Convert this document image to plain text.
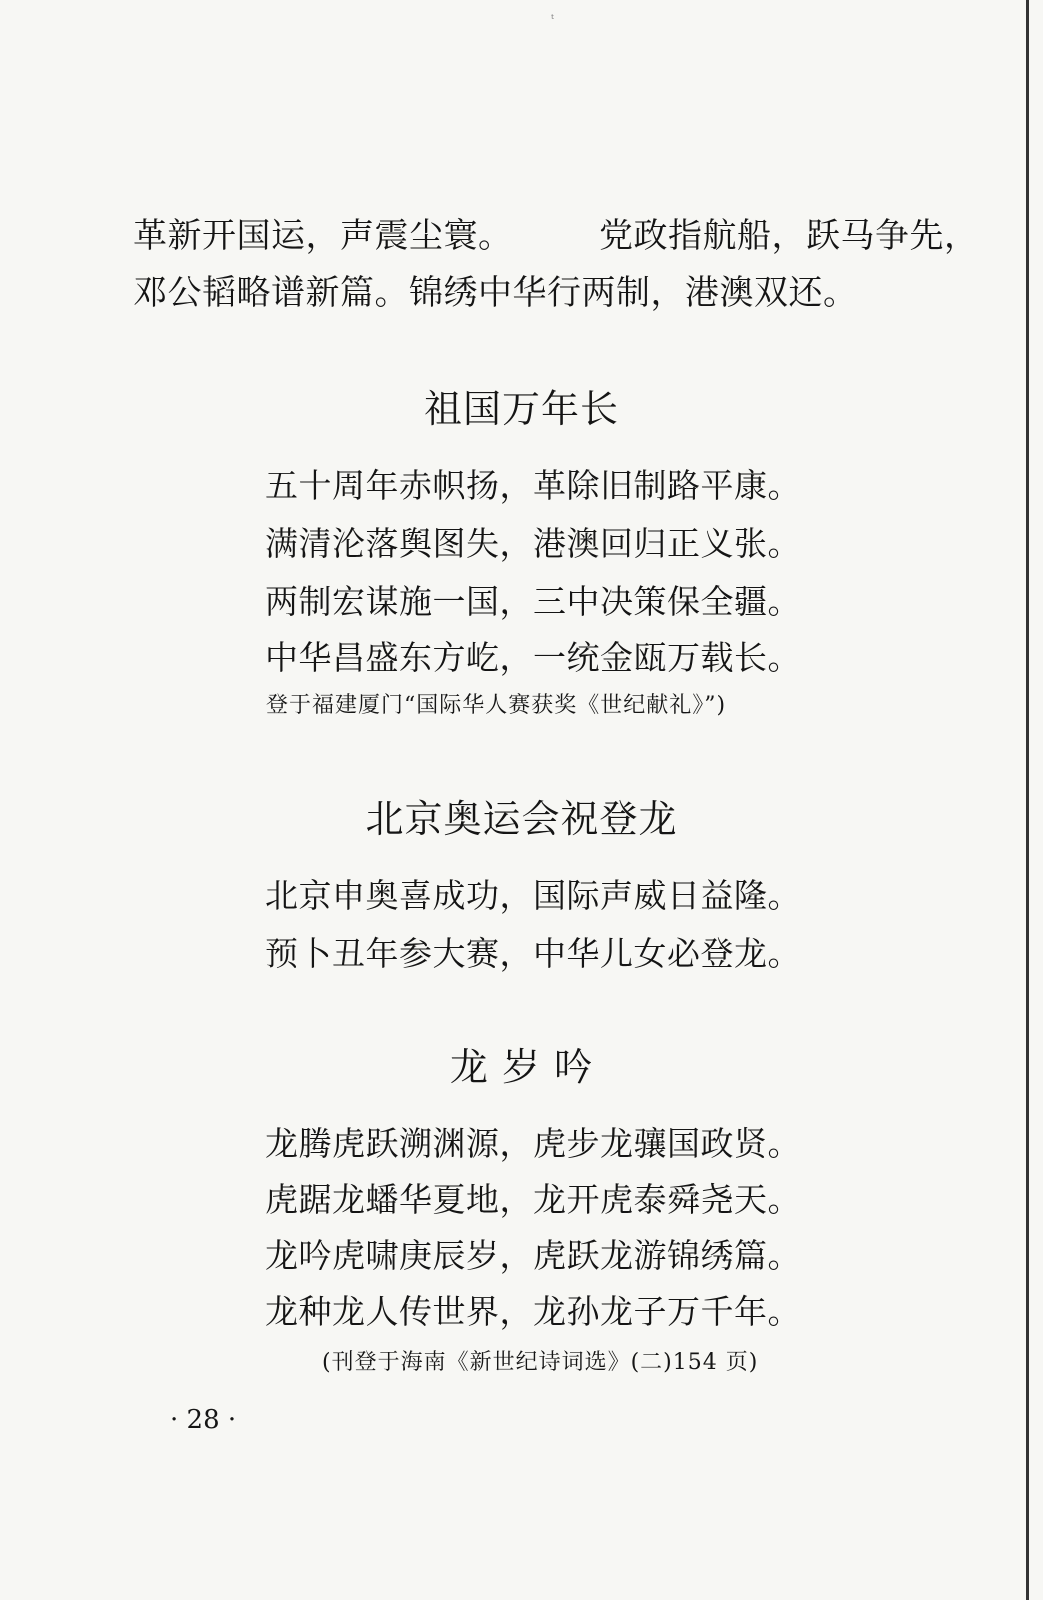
ᵗ
革新开国运，声震尘寰。　　　党政指航船，跃马争先，
邓公韬略谱新篇。锦绣中华行两制，港澳双还。
祖国万年长
五十周年赤帜扬，革除旧制路平康。
满清沦落舆图失，港澳回归正义张。
两制宏谋施一国，三中决策保全疆。
中华昌盛东方屹，一统金瓯万载长。
登于福建厦门“国际华人赛获奖《世纪献礼》”)
北京奥运会祝登龙
北京申奥喜成功，国际声威日益隆。
预卜丑年参大赛，中华儿女必登龙。
龙 岁 吟
龙腾虎跃溯渊源，虎步龙骧国政贤。
虎踞龙蟠华夏地，龙开虎泰舜尧天。
龙吟虎啸庚辰岁，虎跃龙游锦绣篇。
龙种龙人传世界，龙孙龙子万千年。
(刊登于海南《新世纪诗词选》(二)154 页)
· 28 ·
